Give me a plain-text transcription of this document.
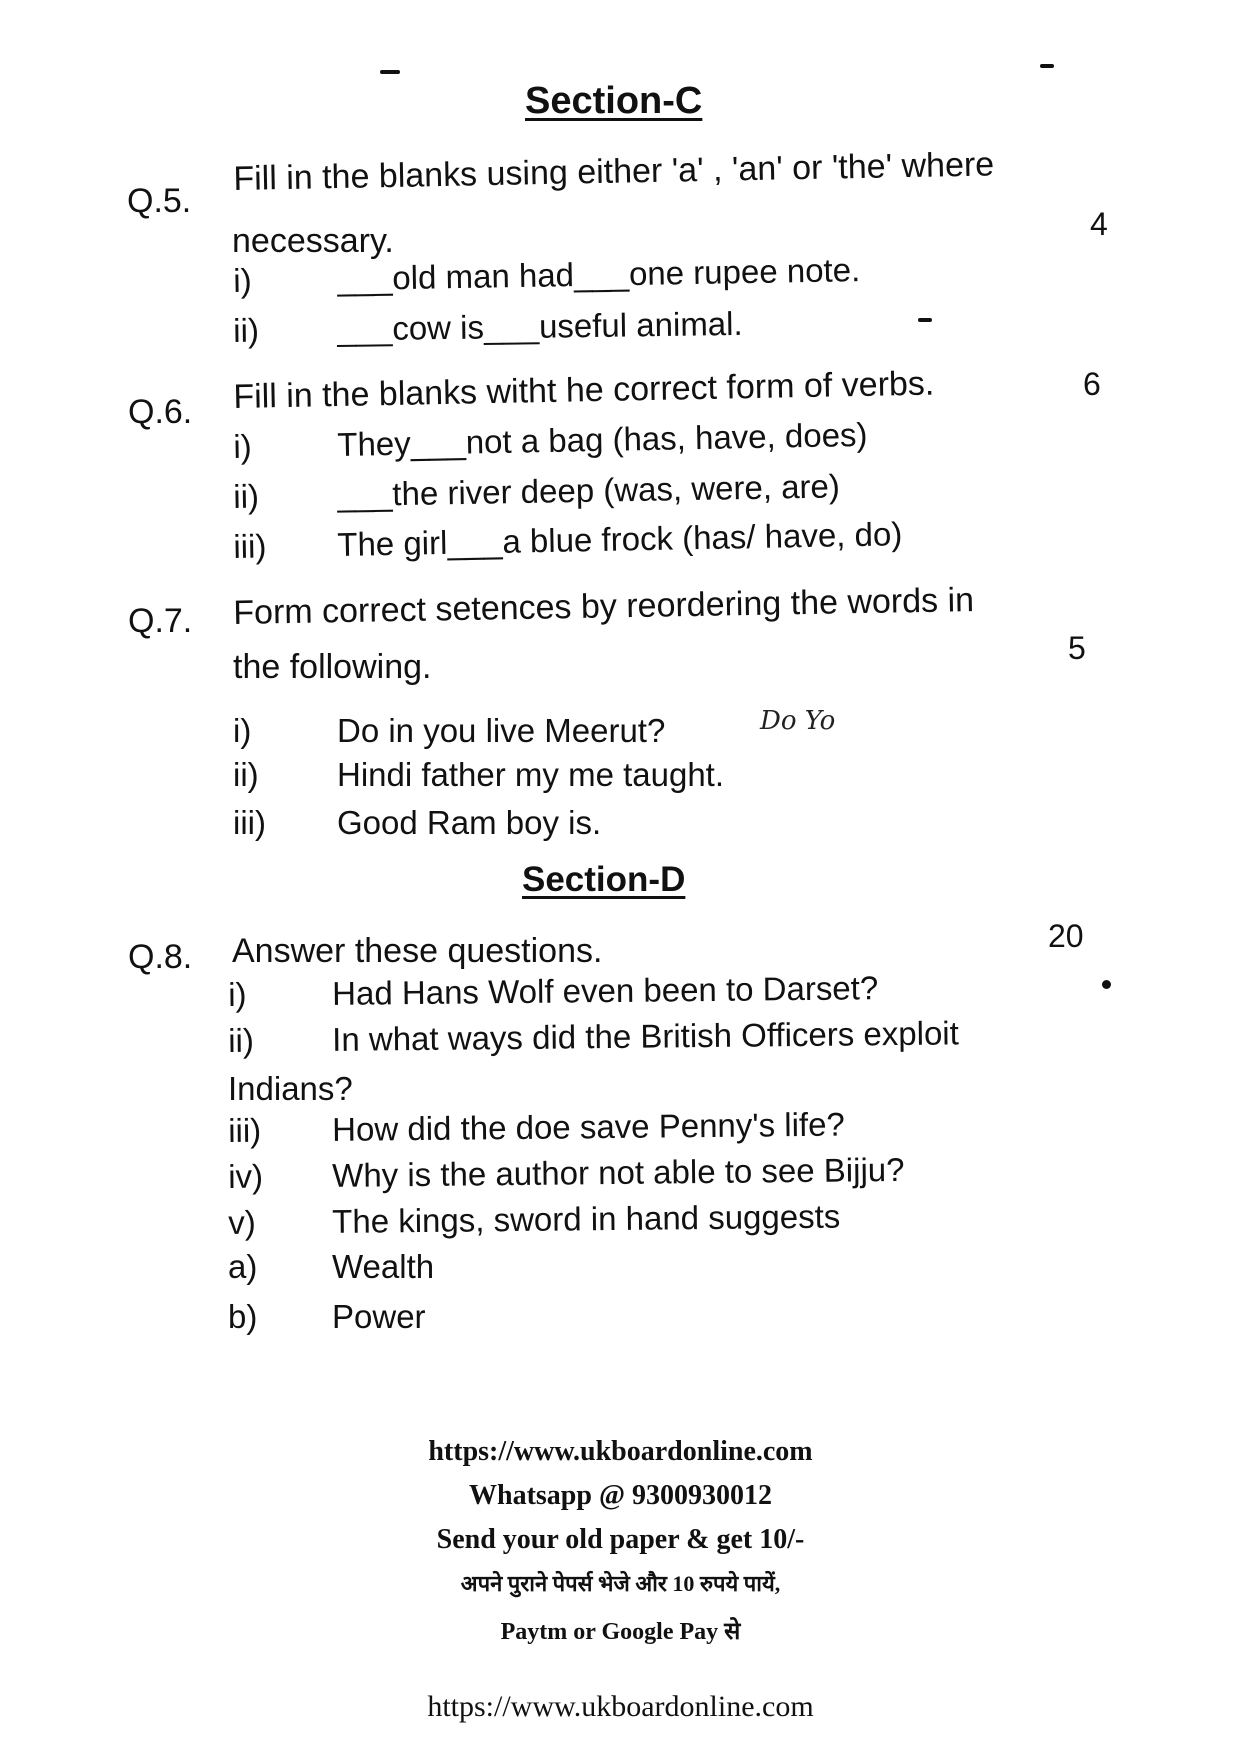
Section-C
Q.5.
Fill in the blanks using either 'a' , 'an' or 'the' where
necessary.	4
i)	___old man had___one rupee note.
ii) ___cow is___useful animal.
Q.6. Fill in the blanks witht he correct form of verbs.	6
i)	They___not a bag (has, have, does)
ii) ___the river deep (was, were, are)
iii) The girl___a blue frock (has/ have, do)
Q.7. Form correct setences by reordering the words in
the following.	5
i)	Do in you live Meerut?	Do Yo
ii) Hindi father my me taught.
iii) Good Ram boy is.
Section-D
Q.8. Answer these questions.	20
i)	Had Hans Wolf even been to Darset?
ii) In what ways did the British Officers exploit
Indians?
iii) How did the doe save Penny's life?
iv) Why is the author not able to see Bijju?
v) The kings, sword in hand suggests
a) Wealth
b) Power
https://www.ukboardonline.com
Whatsapp @ 9300930012
Send your old paper & get 10/-
अपने पुराने पेपर्स भेजे और 10 रुपये पायें,
Paytm or Google Pay से
https://www.ukboardonline.com
